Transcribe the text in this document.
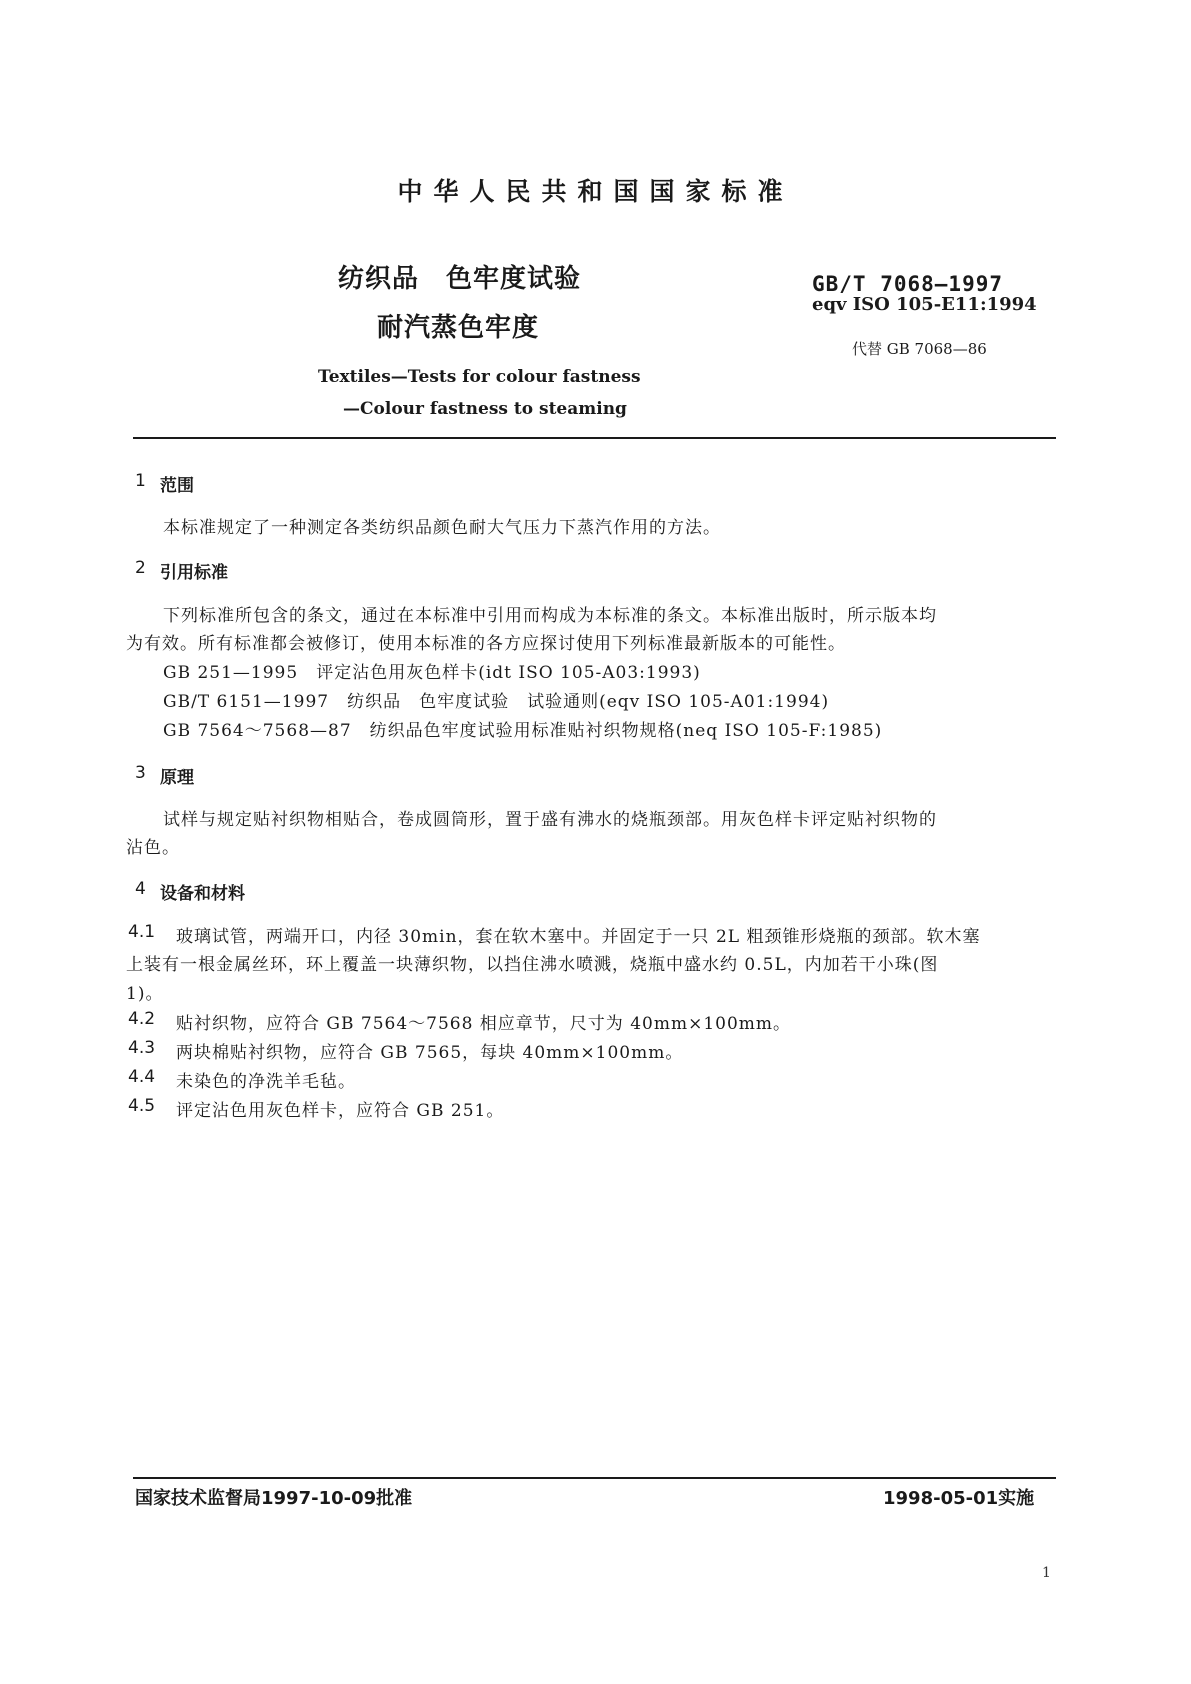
中华人民共和国国家标准
纺织品　色牢度试验
耐汽蒸色牢度
GB/T 7068—1997
eqv ISO 105-E11:1994
代替 GB 7068—86
Textiles—Tests for colour fastness
—Colour fastness to steaming
1 范围
本标准规定了一种测定各类纺织品颜色耐大气压力下蒸汽作用的方法。
2 引用标准
下列标准所包含的条文，通过在本标准中引用而构成为本标准的条文。本标准出版时，所示版本均
为有效。所有标准都会被修订，使用本标准的各方应探讨使用下列标准最新版本的可能性。
GB 251—1995　评定沾色用灰色样卡(idt ISO 105-A03:1993)
GB/T 6151—1997　纺织品　色牢度试验　试验通则(eqv ISO 105-A01:1994)
GB 7564～7568—87　纺织品色牢度试验用标准贴衬织物规格(neq ISO 105-F:1985)
3 原理
试样与规定贴衬织物相贴合，卷成圆筒形，置于盛有沸水的烧瓶颈部。用灰色样卡评定贴衬织物的
沾色。
4 设备和材料
4.1 玻璃试管，两端开口，内径 30min，套在软木塞中。并固定于一只 2L 粗颈锥形烧瓶的颈部。软木塞
上装有一根金属丝环，环上覆盖一块薄织物，以挡住沸水喷溅，烧瓶中盛水约 0.5L，内加若干小珠(图
1)。
4.2 贴衬织物，应符合 GB 7564～7568 相应章节，尺寸为 40mm×100mm。
4.3 两块棉贴衬织物，应符合 GB 7565，每块 40mm×100mm。
4.4 未染色的净洗羊毛毡。
4.5 评定沾色用灰色样卡，应符合 GB 251。
国家技术监督局1997-10-09批准	1998-05-01实施
1
